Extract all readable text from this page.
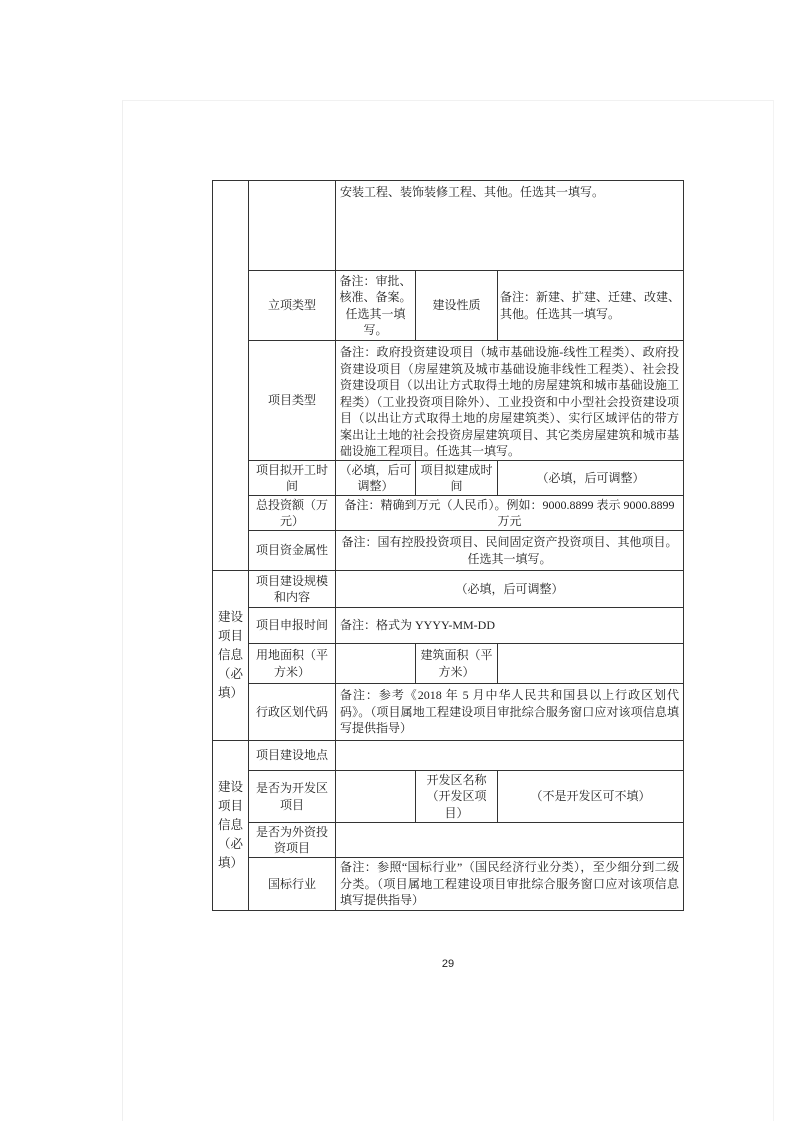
建设项目信息（必填）
建设项目信息（必填）
安装工程、装饰装修工程、其他。任选其一填写。
立项类型
备注：审批、核准、备案。任选其一填写。
建设性质
备注：新建、扩建、迁建、改建、其他。任选其一填写。
项目类型
备注：政府投资建设项目（城市基础设施-线性工程类）、政府投资建设项目（房屋建筑及城市基础设施非线性工程类）、社会投资建设项目（以出让方式取得土地的房屋建筑和城市基础设施工程类）（工业投资项目除外）、工业投资和中小型社会投资建设项目（以出让方式取得土地的房屋建筑类）、实行区域评估的带方案出让土地的社会投资房屋建筑项目、其它类房屋建筑和城市基础设施工程项目。任选其一填写。
项目拟开工时间
（必填，后可调整）
项目拟建成时间
（必填，后可调整）
总投资额（万元）
备注：精确到万元（人民币）。例如：9000.8899 表示 9000.8899 万元
项目资金属性
备注：国有控股投资项目、民间固定资产投资项目、其他项目。任选其一填写。
项目建设规模和内容
（必填，后可调整）
项目申报时间 备注：格式为 YYYY-MM-DD
用地面积（平方米）
建筑面积（平方米）
行政区划代码
备注：参考《2018 年 5 月中华人民共和国县以上行政区划代码》。（项目属地工程建设项目审批综合服务窗口应对该项信息填写提供指导）
项目建设地点
是否为开发区项目
开发区名称（开发区项目）
（不是开发区可不填）
是否为外资投资项目
国标行业
备注：参照“国标行业”（国民经济行业分类），至少细分到二级分类。（项目属地工程建设项目审批综合服务窗口应对该项信息填写提供指导）
29
